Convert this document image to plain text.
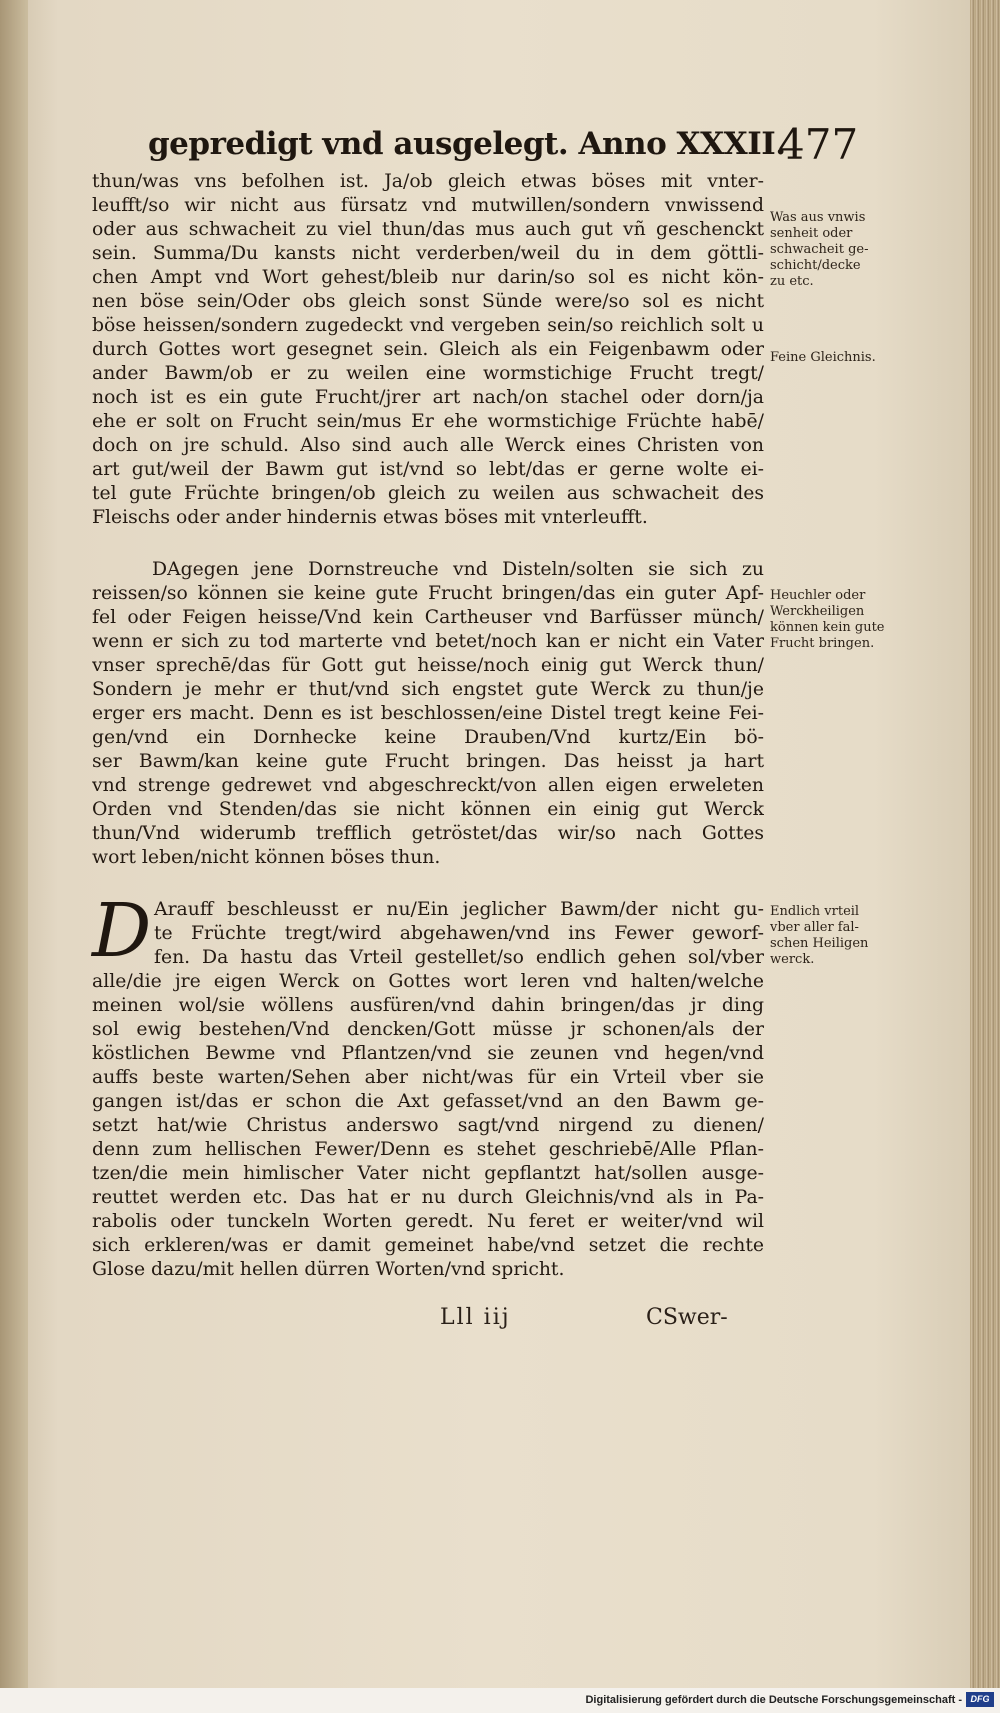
gepredigt vnd ausgelegt. Anno XXXII.
477
thun/was vns befolhen ist. Ja/ob gleich etwas böses mit vnter-
leufft/so wir nicht aus fürsatz vnd mutwillen/sondern vnwissend
oder aus schwacheit zu viel thun/das mus auch gut vñ geschenckt
sein. Summa/Du kansts nicht verderben/weil du in dem göttli-
chen Ampt vnd Wort gehest/bleib nur darin/so sol es nicht kön-
nen böse sein/Oder obs gleich sonst Sünde were/so sol es nicht
böse heissen/sondern zugedeckt vnd vergeben sein/so reichlich solt u
durch Gottes wort gesegnet sein. Gleich als ein Feigenbawm oder
ander Bawm/ob er zu weilen eine wormstichige Frucht tregt/
noch ist es ein gute Frucht/jrer art nach/on stachel oder dorn/ja
ehe er solt on Frucht sein/mus Er ehe wormstichige Früchte habē/
doch on jre schuld. Also sind auch alle Werck eines Christen von
art gut/weil der Bawm gut ist/vnd so lebt/das er gerne wolte ei-
tel gute Früchte bringen/ob gleich zu weilen aus schwacheit des
Fleischs oder ander hindernis etwas böses mit vnterleufft.
DAgegen jene Dornstreuche vnd Disteln/solten sie sich zu
reissen/so können sie keine gute Frucht bringen/das ein guter Apf-
fel oder Feigen heisse/Vnd kein Cartheuser vnd Barfüsser münch/
wenn er sich zu tod marterte vnd betet/noch kan er nicht ein Vater
vnser sprechē/das für Gott gut heisse/noch einig gut Werck thun/
Sondern je mehr er thut/vnd sich engstet gute Werck zu thun/je
erger ers macht. Denn es ist beschlossen/eine Distel tregt keine Fei-
gen/vnd ein Dornhecke keine Drauben/Vnd kurtz/Ein bö-
ser Bawm/kan keine gute Frucht bringen. Das heisst ja hart
vnd strenge gedrewet vnd abgeschreckt/von allen eigen erweleten
Orden vnd Stenden/das sie nicht können ein einig gut Werck
thun/Vnd widerumb trefflich getröstet/das wir/so nach Gottes
wort leben/nicht können böses thun.
D Arauff beschleusst er nu/Ein jeglicher Bawm/der nicht gu-
te Früchte tregt/wird abgehawen/vnd ins Fewer geworf-
fen. Da hastu das Vrteil gestellet/so endlich gehen sol/vber
alle/die jre eigen Werck on Gottes wort leren vnd halten/welche
meinen wol/sie wöllens ausfüren/vnd dahin bringen/das jr ding
sol ewig bestehen/Vnd dencken/Gott müsse jr schonen/als der
köstlichen Bewme vnd Pflantzen/vnd sie zeunen vnd hegen/vnd
auffs beste warten/Sehen aber nicht/was für ein Vrteil vber sie
gangen ist/das er schon die Axt gefasset/vnd an den Bawm ge-
setzt hat/wie Christus anderswo sagt/vnd nirgend zu dienen/
denn zum hellischen Fewer/Denn es stehet geschriebē/Alle Pflan-
tzen/die mein himlischer Vater nicht gepflantzt hat/sollen ausge-
reuttet werden etc. Das hat er nu durch Gleichnis/vnd als in Pa-
rabolis oder tunckeln Worten geredt. Nu feret er weiter/vnd wil
sich erkleren/was er damit gemeinet habe/vnd setzet die rechte
Glose dazu/mit hellen dürren Worten/vnd spricht.
Was aus vnwis
senheit oder
schwacheit ge-
schicht/decke
zu etc.
Feine Gleichnis.
Heuchler oder
Werckheiligen
können kein gute
Frucht bringen.
Endlich vrteil
vber aller fal-
schen Heiligen
werck.
Lll iij	CSwer-
Digitalisierung gefördert durch die Deutsche Forschungsgemeinschaft - DFG
